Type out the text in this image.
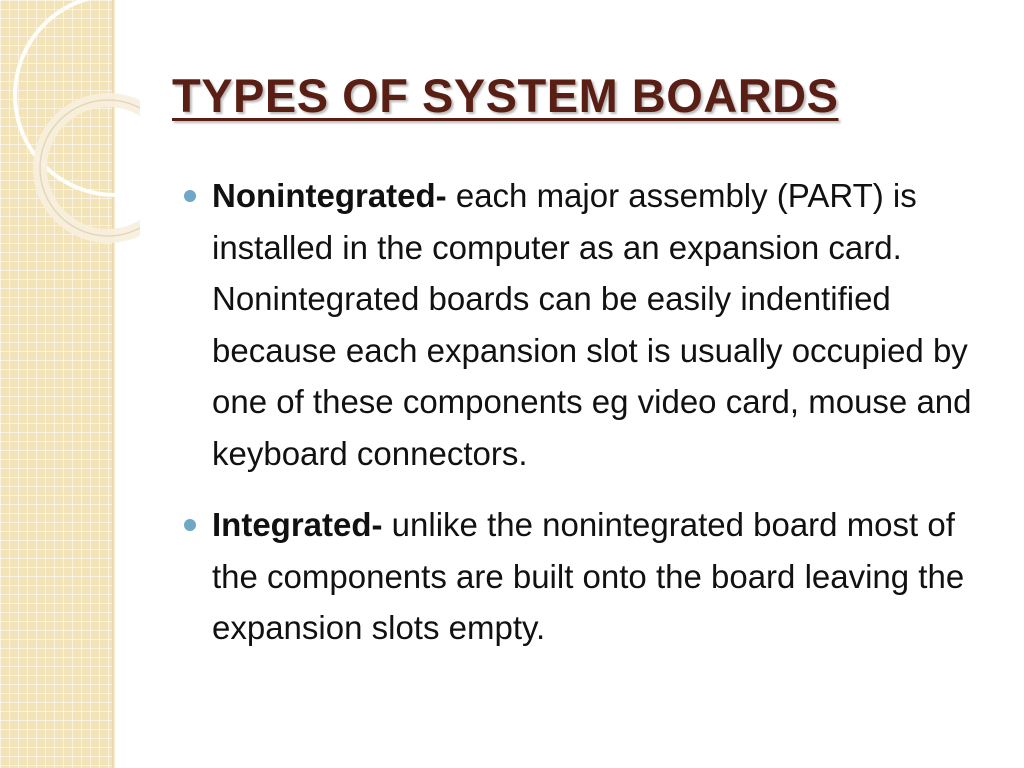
TYPES OF SYSTEM BOARDS
Nonintegrated- each major assembly (PART) is installed in the computer as an expansion card. Nonintegrated boards can be easily indentified because each expansion slot is usually occupied by one of these components eg video card, mouse and keyboard connectors.
Integrated- unlike the nonintegrated board most of the components are built onto the board leaving the expansion slots empty.
